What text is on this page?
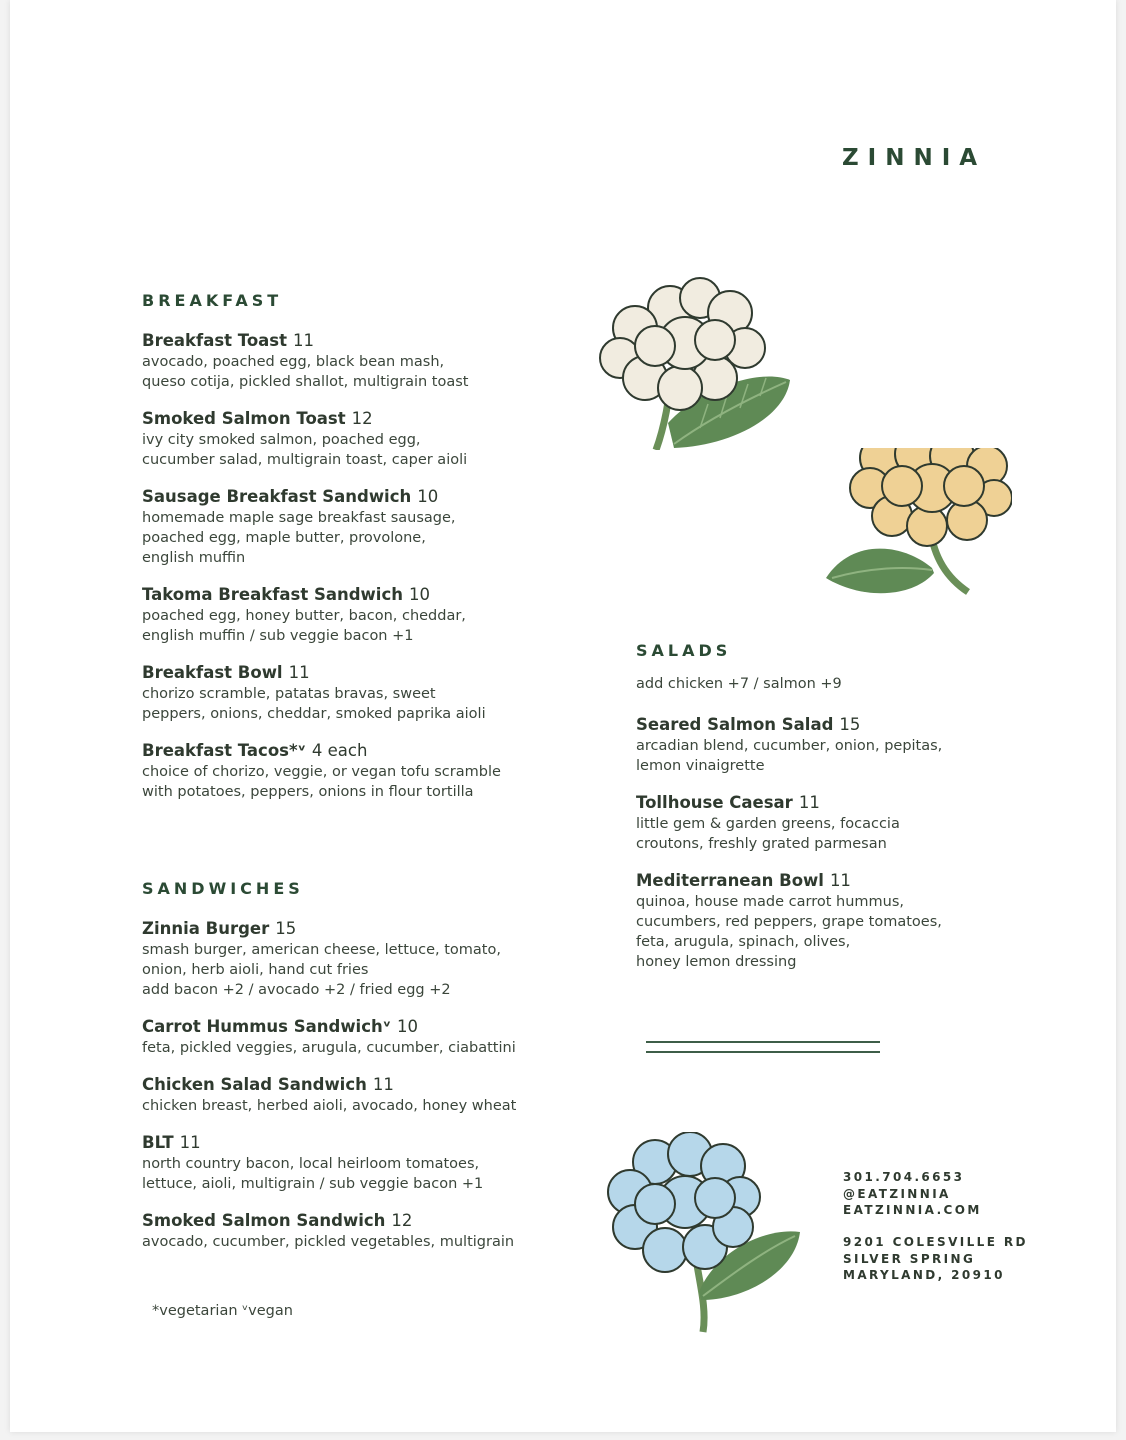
ZINNIA
BREAKFAST
Breakfast Toast 11
avocado, poached egg, black bean mash,
queso cotija, pickled shallot, multigrain toast
Smoked Salmon Toast 12
ivy city smoked salmon, poached egg,
cucumber salad, multigrain toast, caper aioli
Sausage Breakfast Sandwich 10
homemade maple sage breakfast sausage,
poached egg, maple butter, provolone,
english muffin
Takoma Breakfast Sandwich 10
poached egg, honey butter, bacon, cheddar,
english muffin / sub veggie bacon +1
Breakfast Bowl 11
chorizo scramble, patatas bravas, sweet
peppers, onions, cheddar, smoked paprika aioli
Breakfast Tacos*ᵛ 4 each
choice of chorizo, veggie, or vegan tofu scramble
with potatoes, peppers, onions in flour tortilla
SANDWICHES
Zinnia Burger 15
smash burger, american cheese, lettuce, tomato,
onion, herb aioli, hand cut fries
add bacon +2 / avocado +2 / fried egg +2
Carrot Hummus Sandwichᵛ 10
feta, pickled veggies, arugula, cucumber, ciabattini
Chicken Salad Sandwich 11
chicken breast, herbed aioli, avocado, honey wheat
BLT 11
north country bacon, local heirloom tomatoes,
lettuce, aioli, multigrain / sub veggie bacon +1
Smoked Salmon Sandwich 12
avocado, cucumber, pickled vegetables, multigrain
*vegetarian ᵛvegan
SALADS
add chicken +7 / salmon +9
Seared Salmon Salad 15
arcadian blend, cucumber, onion, pepitas,
lemon vinaigrette
Tollhouse Caesar 11
little gem & garden greens, focaccia
croutons, freshly grated parmesan
Mediterranean Bowl 11
quinoa, house made carrot hummus,
cucumbers, red peppers, grape tomatoes,
feta, arugula, spinach, olives,
honey lemon dressing
301.704.6653
@EATZINNIA
EATZINNIA.COM
9201 COLESVILLE RD
SILVER SPRING
MARYLAND, 20910
